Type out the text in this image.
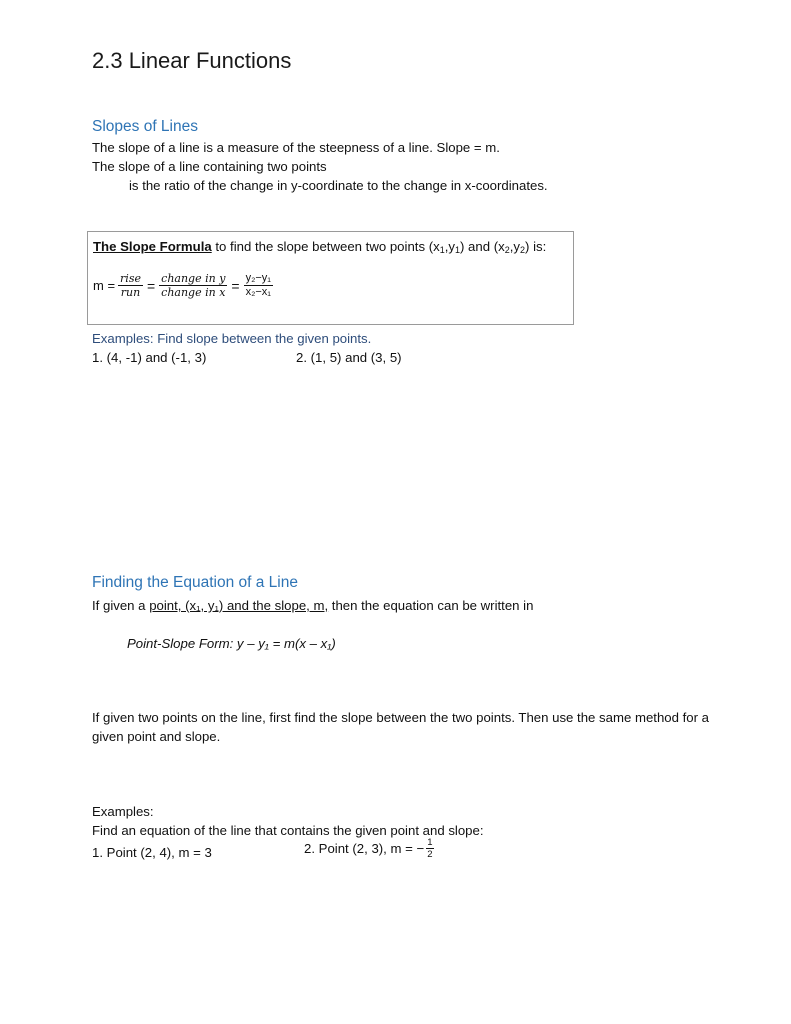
2.3 Linear Functions
Slopes of Lines
The slope of a line is a measure of the steepness of a line. Slope = m.
The slope of a line containing two points
is the ratio of the change in y-coordinate to the change in x-coordinates.
The Slope Formula to find the slope between two points $(x_1,y_1)$ and $(x_2,y_2)$ is:
$m = \frac{\text{rise}}{\text{run}} = \frac{\text{change in y}}{\text{change in x}} = \frac{\text{y₂−y₁}}{\text{x₂−x₁}}$
Examples: Find slope between the given points.
1. (4, -1) and (-1, 3)	2. (1, 5) and (3, 5)
Finding the Equation of a Line
If given a point, (x₁, y₁) and the slope, m, then the equation can be written in
Point-Slope Form: y – y₁ = m(x – x₁)
If given two points on the line, first find the slope between the two points. Then use the same method for a
given point and slope.
Examples:
Find an equation of the line that contains the given point and slope:
1. Point (2, 4), m = 3	2. Point (2, 3), m = − $\frac{1}{2}$
